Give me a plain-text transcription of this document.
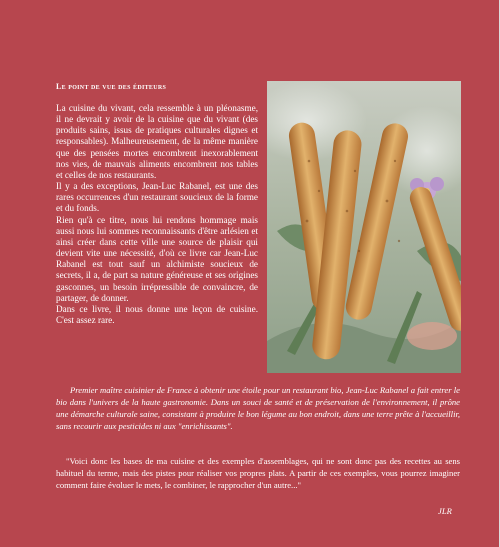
Le point de vue des éditeurs

La cuisine du vivant, cela ressemble à un pléonasme, il ne devrait y avoir de la cuisine que du vivant (des produits sains, issus de pratiques culturales dignes et responsables). Malheureusement, de la même manière que des pensées mortes encombrent inexorablement nos vies, de mauvais aliments encombrent nos tables et celles de nos restaurants.

Il y a des exceptions, Jean-Luc Rabanel, est une des rares occurrences d'un restaurant soucieux de la forme et du fonds.

Rien qu'à ce titre, nous lui rendons hommage mais aussi nous lui sommes reconnaissants d'être arlésien et ainsi créer dans cette ville une source de plaisir qui devient vite une nécessité, d'où ce livre car Jean-Luc Rabanel est tout sauf un alchimiste soucieux de secrets, il a, de part sa nature généreuse et ses origines gasconnes, un besoin irrépressible de convaincre, de partager, de donner.

Dans ce livre, il nous donne une leçon de cuisine. C'est assez rare.

Premier maître cuisinier de France à obtenir une étoile pour un restaurant bio, Jean-Luc Rabanel a fait entrer le bio dans l'univers de la haute gastronomie. Dans un souci de santé et de préservation de l'environnement, il prône une démarche culturale saine, consistant à produire le bon légume au bon endroit, dans une terre prête à l'accueillir, sans recourir aux pesticides ni aux "enrichissants".

"Voici donc les bases de ma cuisine et des exemples d'assemblages, qui ne sont donc pas des recettes au sens habituel du terme, mais des pistes pour réaliser vos propres plats. A partir de ces exemples, vous pourrez imaginer comment faire évoluer le mets, le combiner, le rapprocher d'un autre..."

JLR
